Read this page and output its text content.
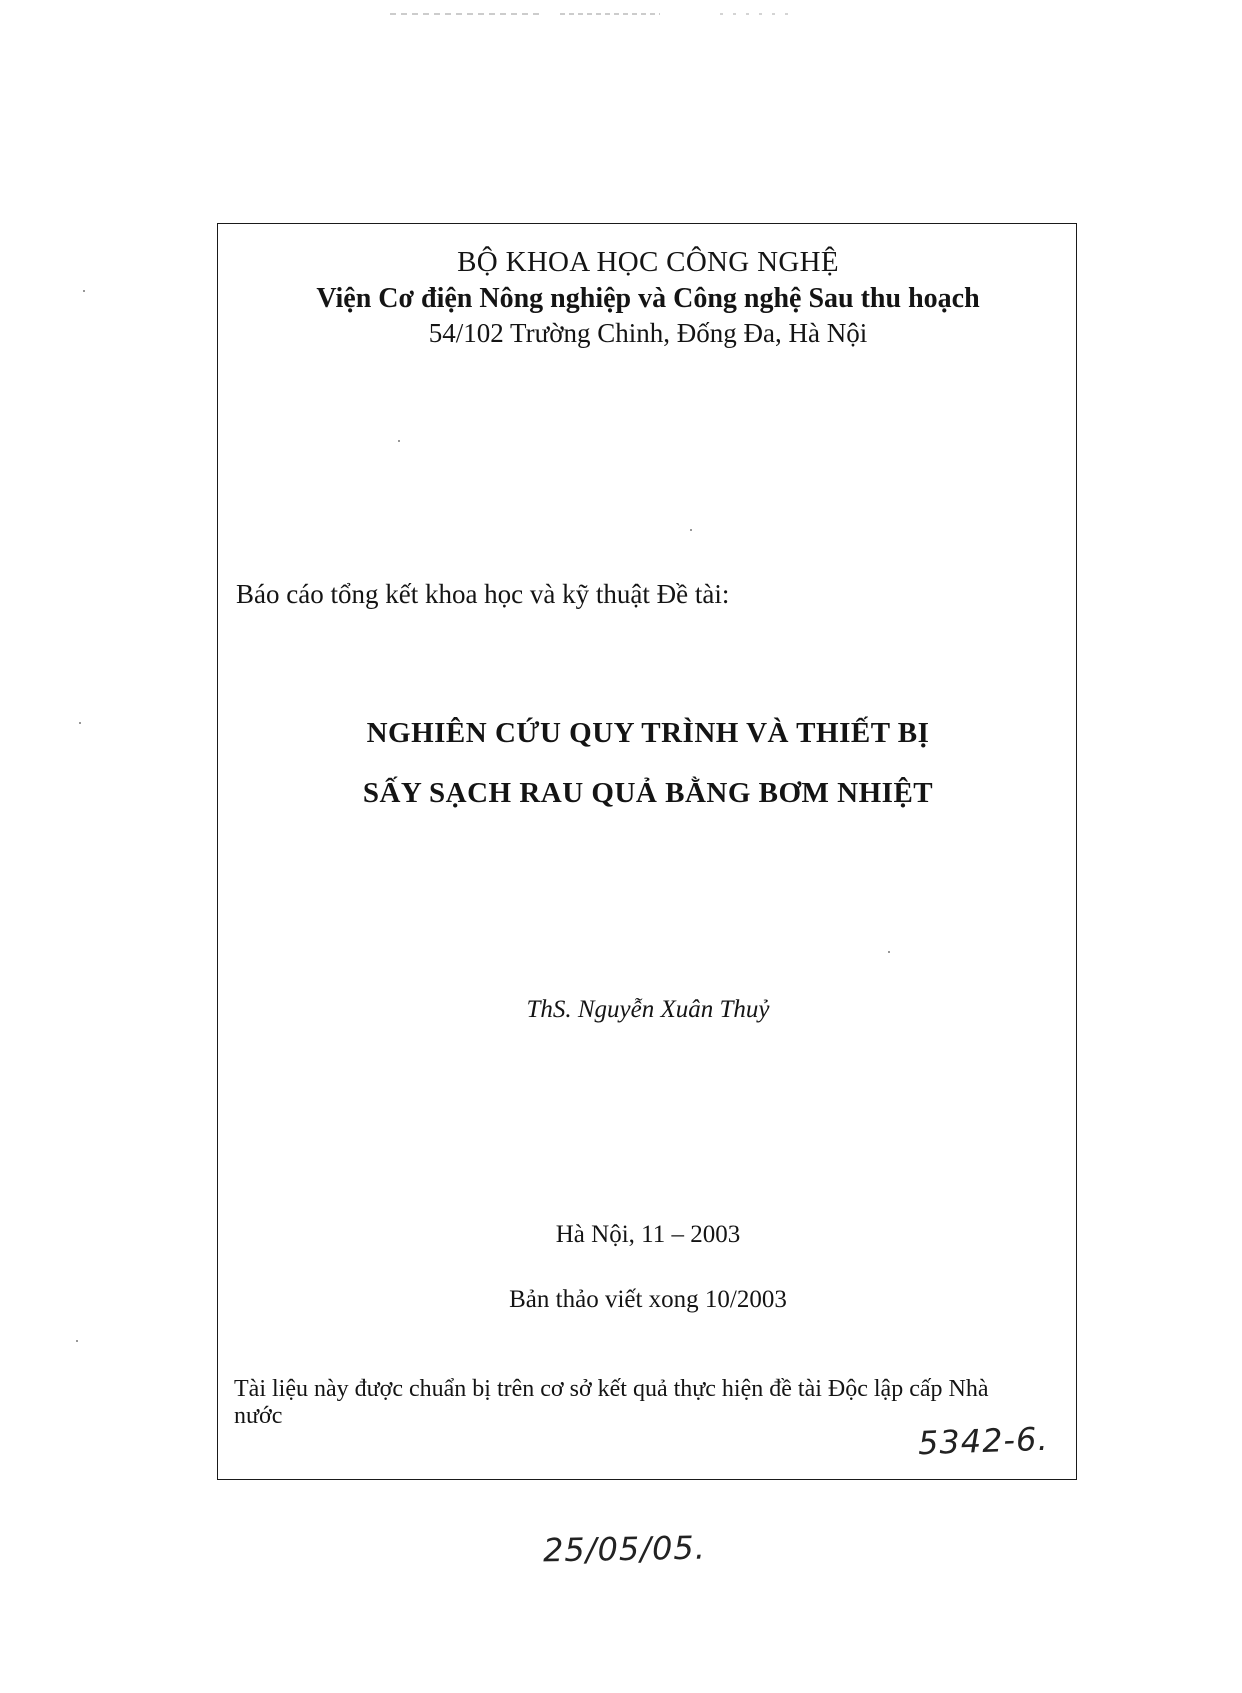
BỘ KHOA HỌC CÔNG NGHỆ
Viện Cơ điện Nông nghiệp và Công nghệ Sau thu hoạch
54/102 Trường Chinh, Đống Đa, Hà Nội
Báo cáo tổng kết khoa học và kỹ thuật Đề tài:
NGHIÊN CỨU QUY TRÌNH VÀ THIẾT BỊ
SẤY SẠCH RAU QUẢ BẰNG BƠM NHIỆT
ThS. Nguyễn Xuân Thuỷ
Hà Nội, 11 – 2003
Bản thảo viết xong 10/2003
Tài liệu này được chuẩn bị trên cơ sở kết quả thực hiện đề tài Độc lập cấp Nhà nước
5342-6.
25/05/05.
